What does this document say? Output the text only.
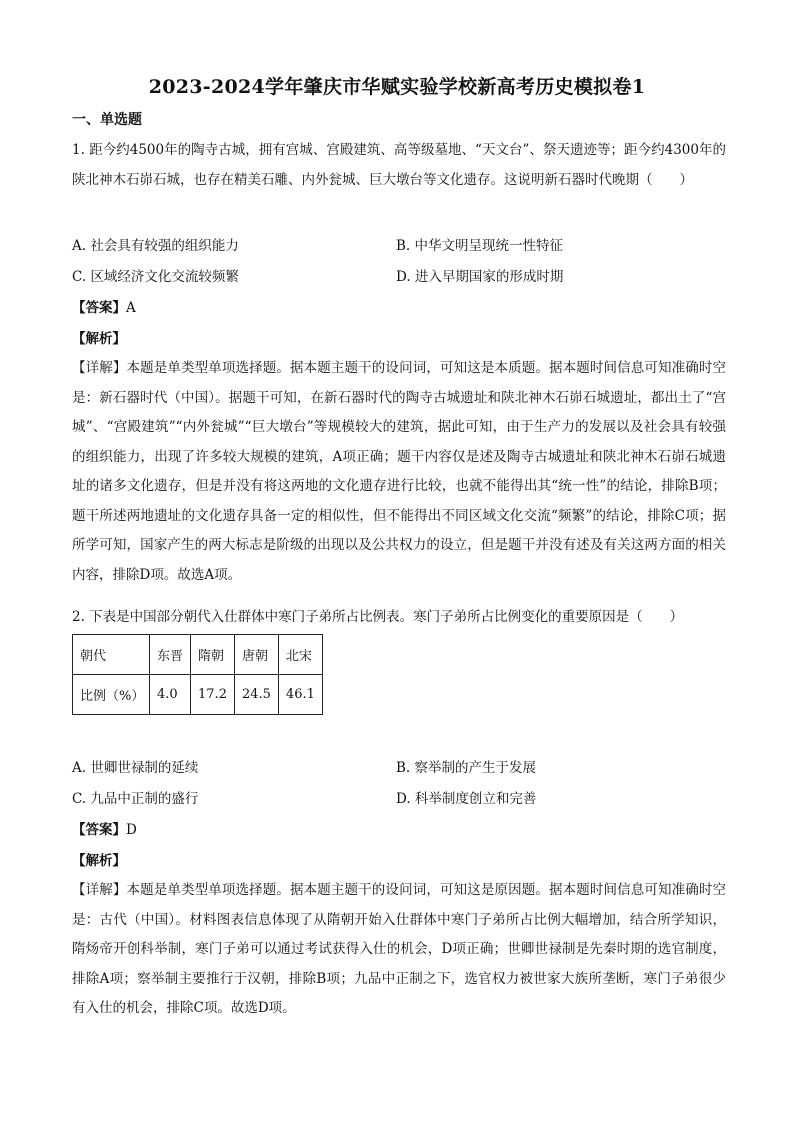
2023-2024学年肇庆市华赋实验学校新高考历史模拟卷1
一、单选题

1. 距今约4500年的陶寺古城，拥有宫城、宫殿建筑、高等级墓地、“天文台”、祭天遗迹等；距今约4300年的陕北神木石峁石城，也存在精美石雕、内外瓮城、巨大墩台等文化遗存。这说明新石器时代晚期（　　）

A. 社会具有较强的组织能力	B. 中华文明呈现统一性特征
C. 区域经济文化交流较频繁	D. 进入早期国家的形成时期
【答案】A
【解析】

【详解】本题是单类型单项选择题。据本题主题干的设问词，可知这是本质题。据本题时间信息可知准确时空是：新石器时代（中国）。据题干可知，在新石器时代的陶寺古城遗址和陕北神木石峁石城遗址，都出土了“宫城”、“宫殿建筑”“内外瓮城”“巨大墩台”等规模较大的建筑，据此可知，由于生产力的发展以及社会具有较强的组织能力，出现了许多较大规模的建筑，A项正确；题干内容仅是述及陶寺古城遗址和陕北神木石峁石城遗址的诸多文化遗存，但是并没有将这两地的文化遗存进行比较，也就不能得出其“统一性”的结论，排除B项；题干所述两地遗址的文化遗存具备一定的相似性，但不能得出不同区域文化交流“频繁”的结论，排除C项；据所学可知，国家产生的两大标志是阶级的出现以及公共权力的设立，但是题干并没有述及有关这两方面的相关内容，排除D项。故选A项。

2. 下表是中国部分朝代入仕群体中寒门子弟所占比例表。寒门子弟所占比例变化的重要原因是（　　）

朝代	东晋	隋朝	唐朝	北宋
比例（%）	4.0	17.2	24.5	46.1
A. 世卿世禄制的延续	B. 察举制的产生于发展
C. 九品中正制的盛行	D. 科举制度创立和完善
【答案】D
【解析】

【详解】本题是单类型单项选择题。据本题主题干的设问词，可知这是原因题。据本题时间信息可知准确时空是：古代（中国）。材料图表信息体现了从隋朝开始入仕群体中寒门子弟所占比例大幅增加，结合所学知识，隋炀帝开创科举制，寒门子弟可以通过考试获得入仕的机会，D项正确；世卿世禄制是先秦时期的选官制度，排除A项；察举制主要推行于汉朝，排除B项；九品中正制之下，选官权力被世家大族所垄断，寒门子弟很少有入仕的机会，排除C项。故选D项。
